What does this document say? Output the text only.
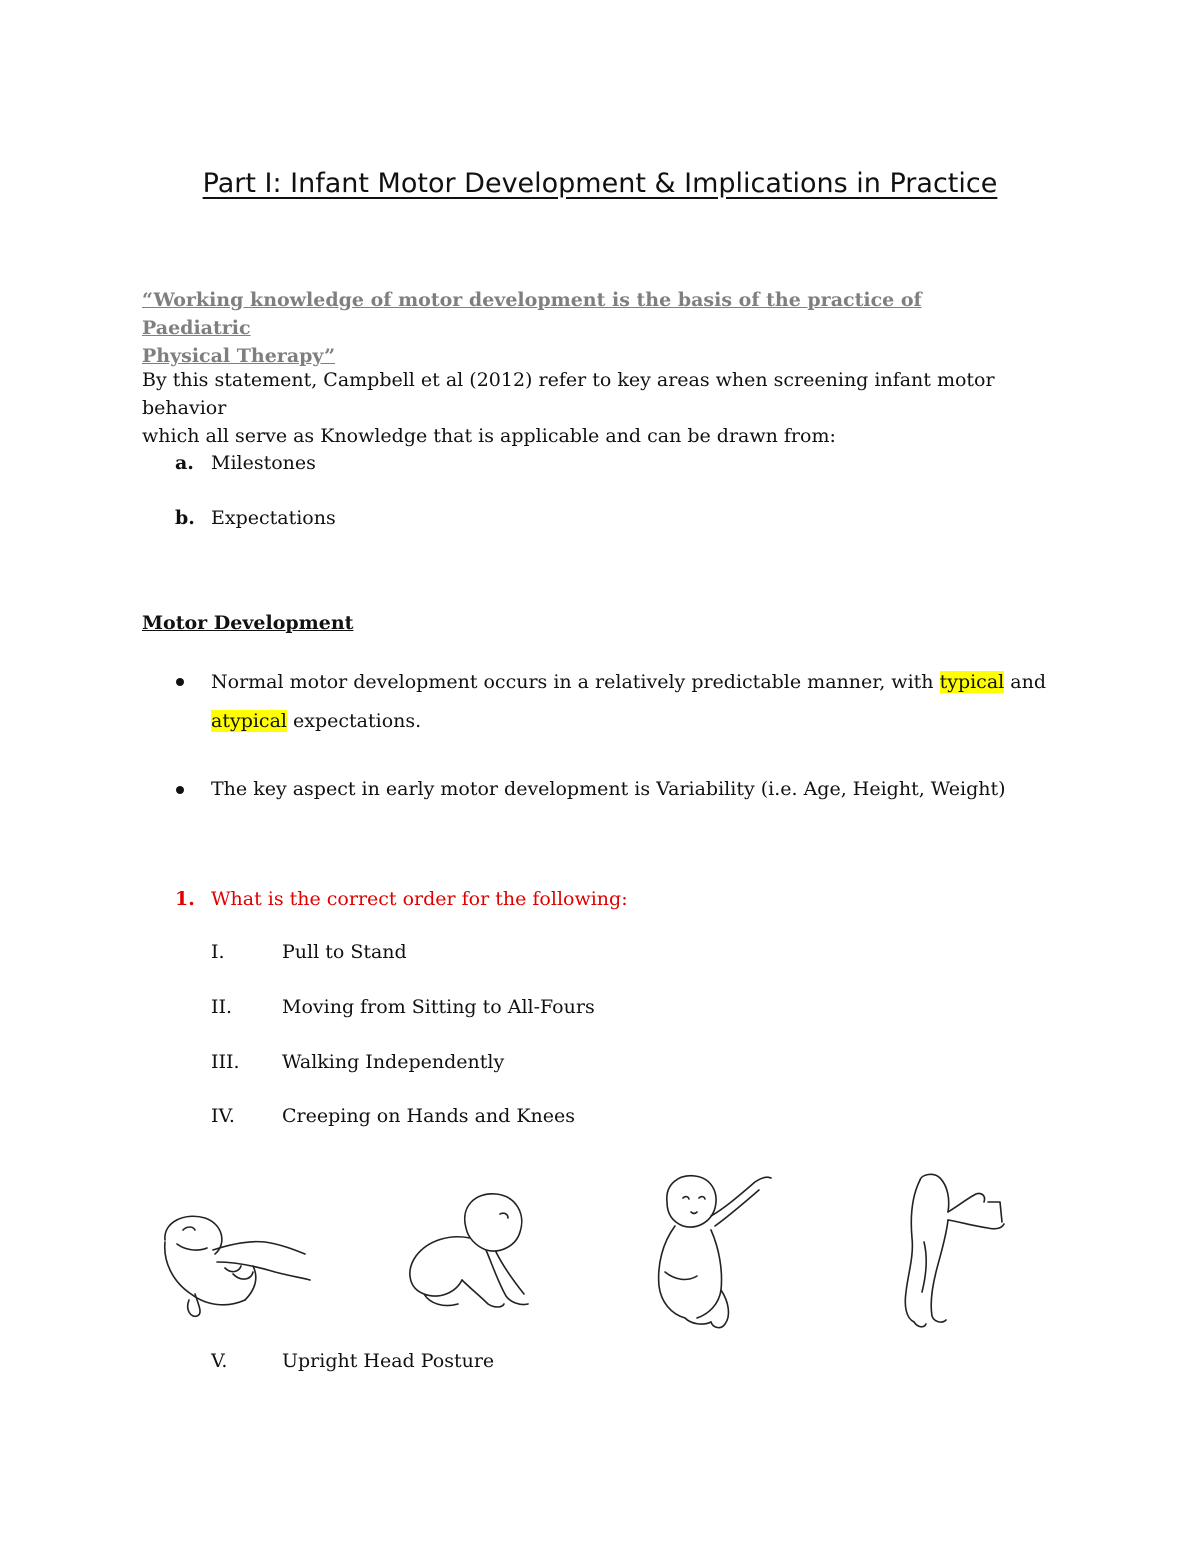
Part I: Infant Motor Development & Implications in Practice
“Working knowledge of motor development is the basis of the practice of Paediatric
Physical Therapy”
By this statement, Campbell et al (2012) refer to key areas when screening infant motor behavior
which all serve as Knowledge that is applicable and can be drawn from:
a. Milestones
b. Expectations
Motor Development
Normal motor development occurs in a relatively predictable manner, with typical and
atypical expectations.
The key aspect in early motor development is Variability (i.e. Age, Height, Weight)
1. What is the correct order for the following:
I.	Pull to Stand
II.	Moving from Sitting to All-Fours
III. Walking Independently
IV. Creeping on Hands and Knees
V.	Upright Head Posture
